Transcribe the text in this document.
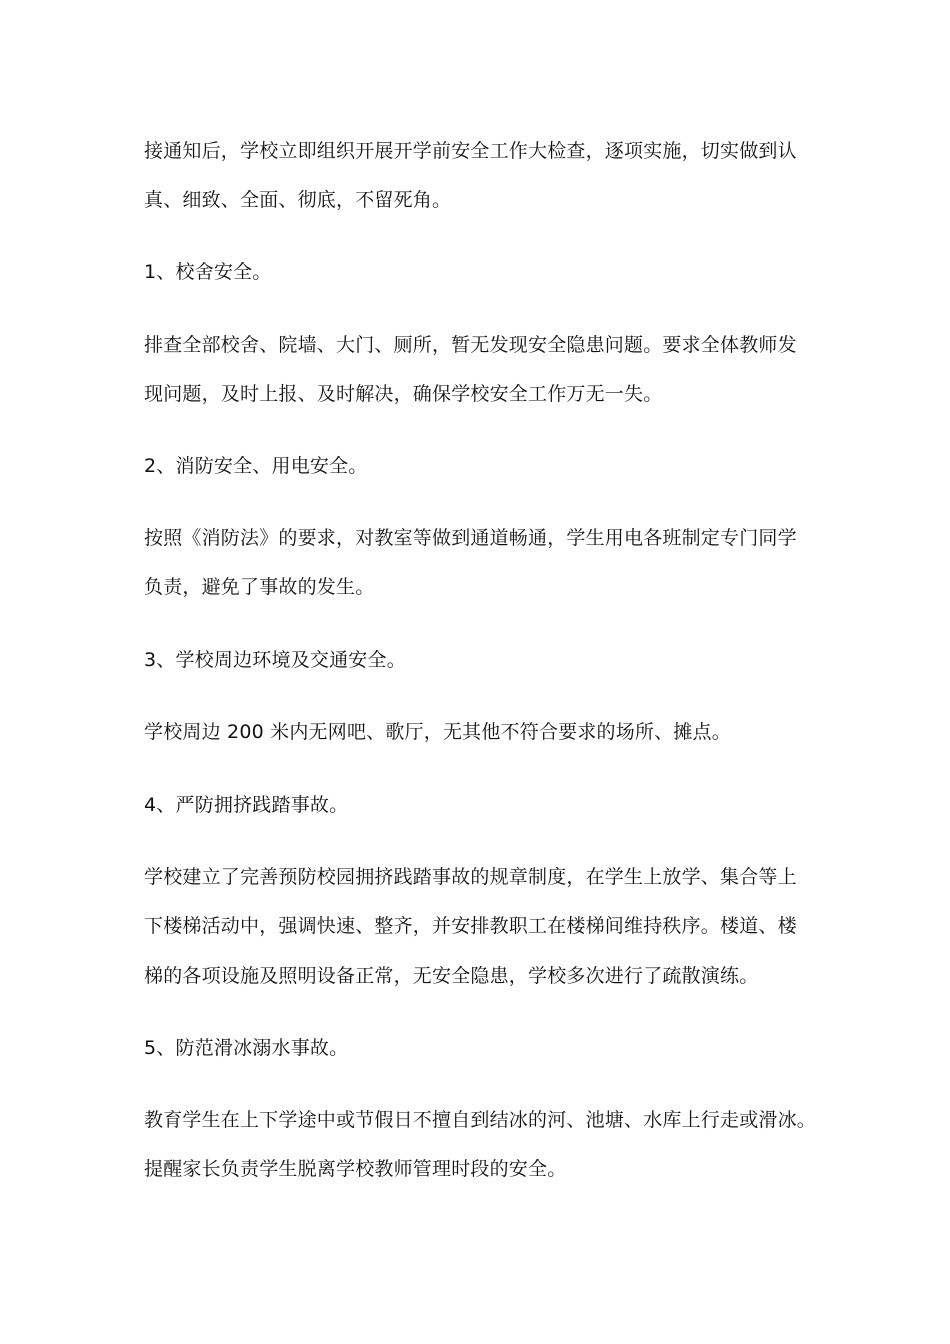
接通知后，学校立即组织开展开学前安全工作大检查，逐项实施，切实做到认
真、细致、全面、彻底，不留死角。
1、校舍安全。
排查全部校舍、院墙、大门、厕所，暂无发现安全隐患问题。要求全体教师发
现问题，及时上报、及时解决，确保学校安全工作万无一失。
2、消防安全、用电安全。
按照《消防法》的要求，对教室等做到通道畅通，学生用电各班制定专门同学
负责，避免了事故的发生。
3、学校周边环境及交通安全。
学校周边 200 米内无网吧、歌厅，无其他不符合要求的场所、摊点。
4、严防拥挤践踏事故。
学校建立了完善预防校园拥挤践踏事故的规章制度，在学生上放学、集合等上
下楼梯活动中，强调快速、整齐，并安排教职工在楼梯间维持秩序。楼道、楼
梯的各项设施及照明设备正常，无安全隐患，学校多次进行了疏散演练。
5、防范滑冰溺水事故。
教育学生在上下学途中或节假日不擅自到结冰的河、池塘、水库上行走或滑冰。
提醒家长负责学生脱离学校教师管理时段的安全。
